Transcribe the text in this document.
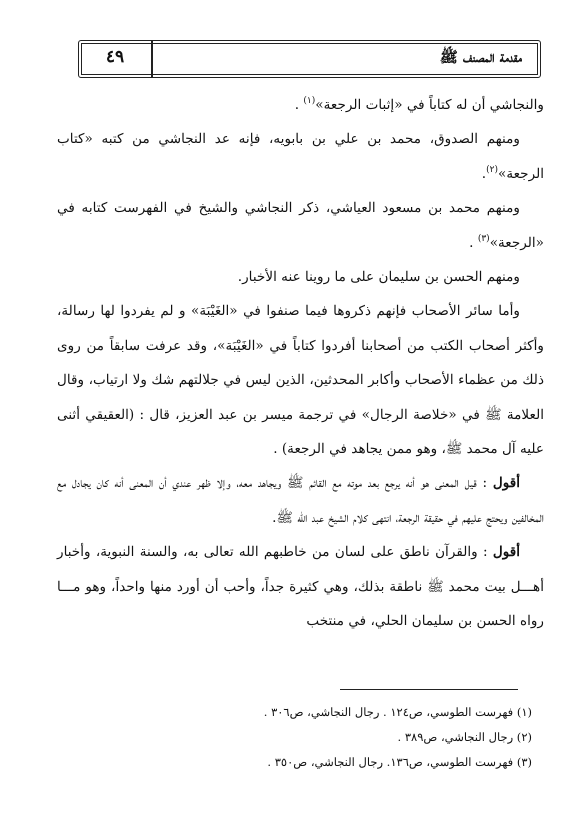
مقدمة المصنف ﷺ
٤٩

والنجاشي أن له كتاباً في «إثبات الرجعة»$^{(١)}$ .

ومنهم الصدوق، محمد بن علي بن بابويه، فإنه عد النجاشي من كتبه «كتاب الرجعة»$^{(٢)}$.

ومنهم محمد بن مسعود العياشي، ذكر النجاشي والشيخ في الفهرست كتابه في «الرجعة»$^{(٣)}$ .

ومنهم الحسن بن سليمان على ما روينا عنه الأخبار.

وأما سائر الأصحاب فإنهم ذكروها فيما صنفوا في «الغَيْبَة» و لم يفردوا لها رسالة، وأكثر أصحاب الكتب من أصحابنا أفردوا كتاباً في «الغَيْبَة»، وقد عرفت سابقاً من روى ذلك من عظماء الأصحاب وأكابر المحدثين، الذين ليس في جلالتهم شك ولا ارتياب، وقال العلامة ﷺ في «خلاصة الرجال» في ترجمة ميسر بن عبد العزيز، قال : (العقيقي أثنى عليه آل محمد ﷺ، وهو ممن يجاهد في الرجعة) .

أقول : قيل المعنى هو أنه يرجع بعد موته مع القائم ﷺ ويجاهد معه، وإلا ظهر عندي أن المعنى أنه كان يجادل مع المخالفين ويحتج عليهم في حقيقة الرجعة، انتهى كلام الشيخ عبد الله ﷺ.

أقول : والقرآن ناطق على لسان من خاطبهم الله تعالى به، والسنة النبوية، وأخبار أهـــل بيت محمد ﷺ ناطقة بذلك، وهي كثيرة جداً، وأحب أن أورد منها واحداً، وهو مـــا رواه الحسن بن سليمان الحلي، في منتخب

(١) فهرست الطوسي، ص١٢٤ . رجال النجاشي، ص٣٠٦ .

(٢) رجال النجاشي، ص٣٨٩ .

(٣) فهرست الطوسي، ص١٣٦. رجال النجاشي، ص٣٥٠ .
